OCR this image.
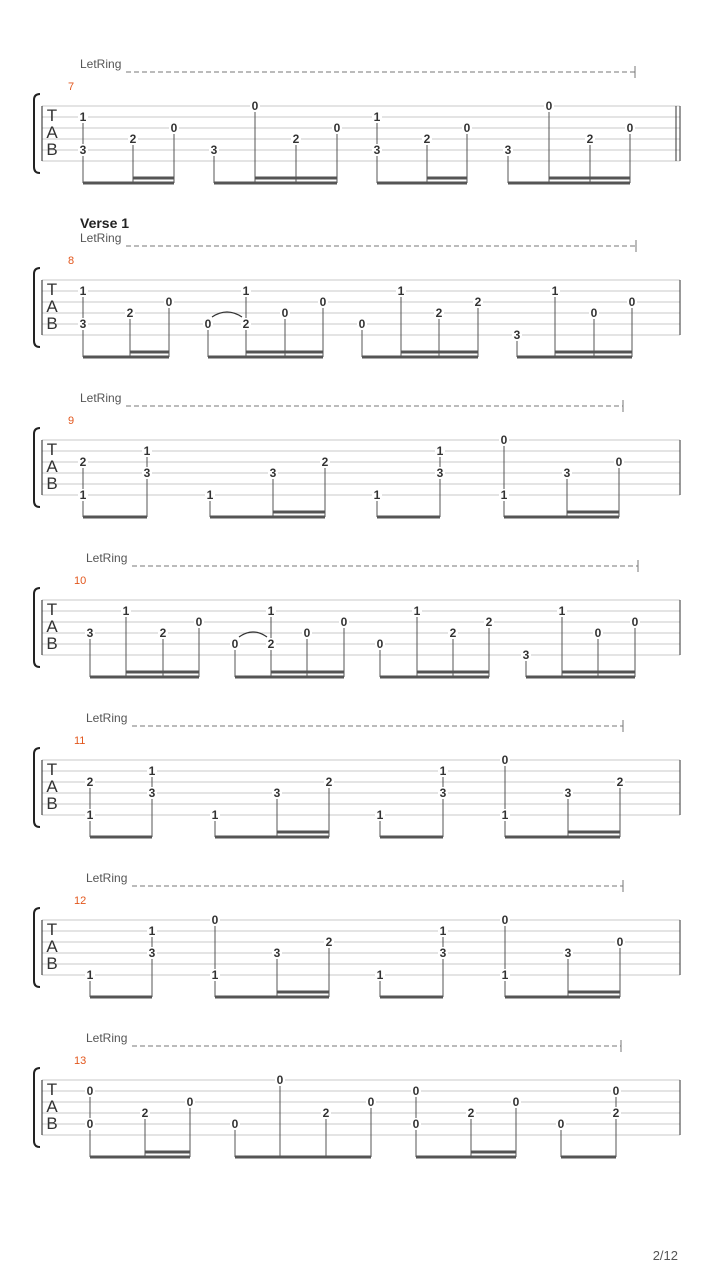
LetRing
7
T
A
B 3
1
2
0
3
0
2
0
3
1
2
0
3
0
2
0
LetRing
Verse 1
8
T
A
B 3
1
2
0
0	2
1
0
0
0
1
2
2
3
1
0
0
LetRing
9
T
A
B
2
1
1
3
1
3
2
1
1
3
1
0
3
0
LetRing
10
T
A
B
3
1
2
0
0 2
1
0
0
0
1
2
2
3
1
0
0
LetRing
11
T
A
B
2
1
1
3
1
3
2
1
1
3
1
0
3
2
LetRing
12
T
A
B
1
1
3
1
0
3
2
1
1
3
1
0
3
0
LetRing
13
T
A
B
0
0
2
0
0
0
2
0
0
0
2
0
0
0
2
2/12
